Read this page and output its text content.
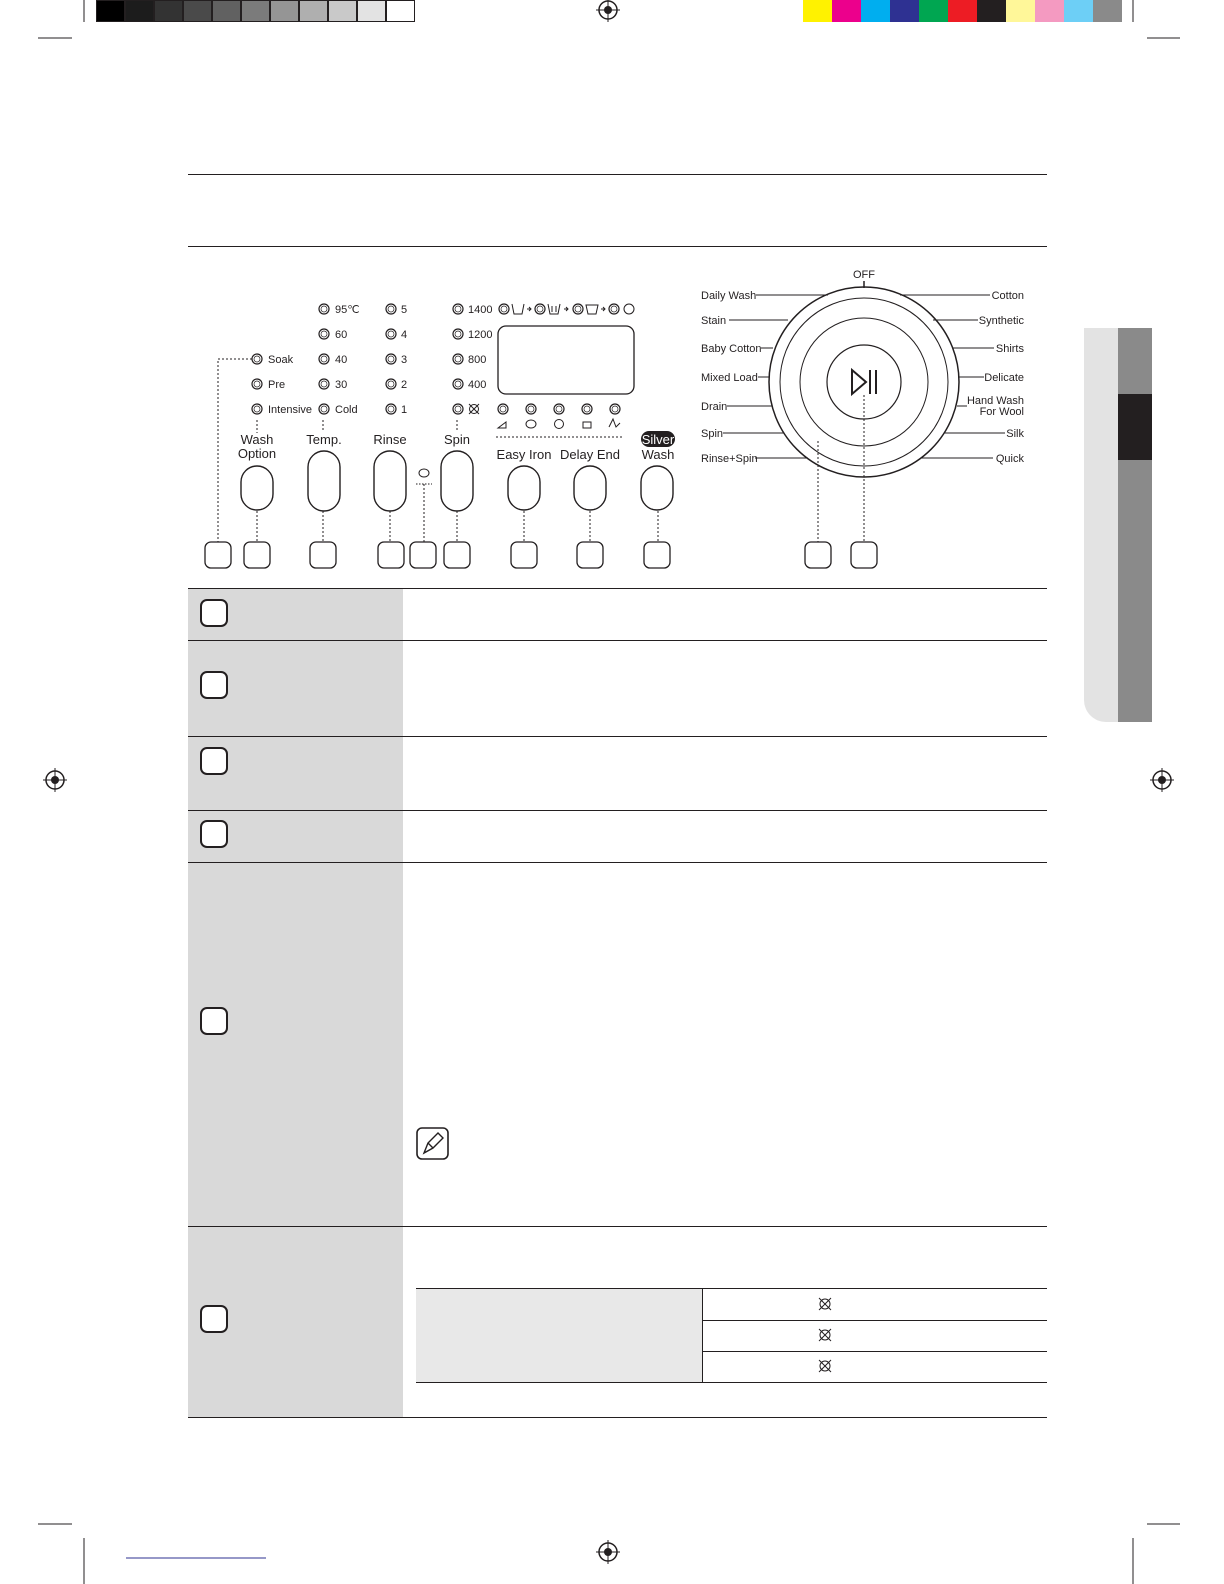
Soak
Pre
Intensive
95℃
60
40
30
Cold
5
4
3
2
1
1400
1200
800
400
Wash
Option
Temp. Rinse	Spin
Easy Iron Delay End
Silver
Wash
OFF
Daily Wash
Stain
Baby Cotton
Mixed Load
Drain
Spin
Rinse+Spin
Cotton
Synthetic
Shirts
Delicate
Hand Wash
For Wool
Silk
Quick
